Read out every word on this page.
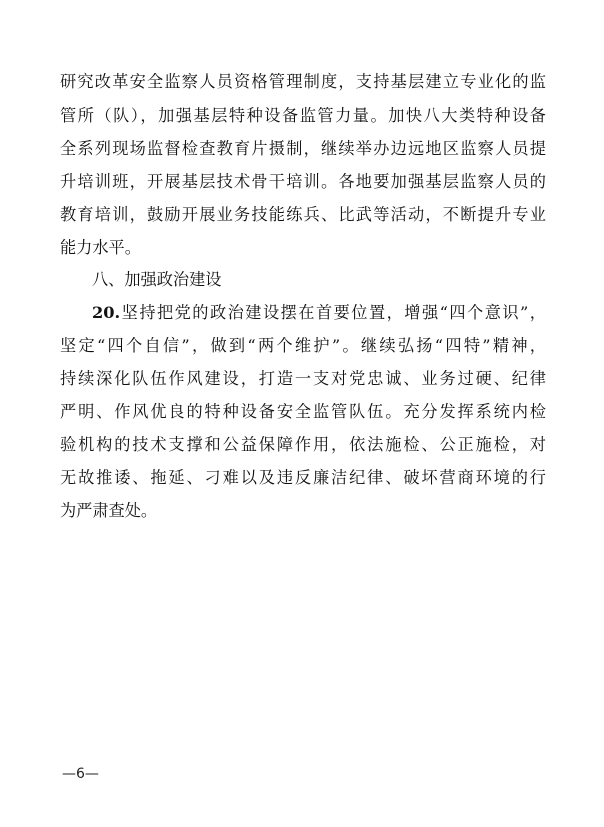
研究改革安全监察人员资格管理制度，支持基层建立专业化的监
管所（队），加强基层特种设备监管力量。加快八大类特种设备
全系列现场监督检查教育片摄制，继续举办边远地区监察人员提
升培训班，开展基层技术骨干培训。各地要加强基层监察人员的
教育培训，鼓励开展业务技能练兵、比武等活动，不断提升专业
能力水平。
八、加强政治建设
20.坚持把党的政治建设摆在首要位置，增强“四个意识”，
坚定“四个自信”，做到“两个维护”。继续弘扬“四特”精神，
持续深化队伍作风建设，打造一支对党忠诚、业务过硬、纪律
严明、作风优良的特种设备安全监管队伍。充分发挥系统内检
验机构的技术支撑和公益保障作用，依法施检、公正施检，对
无故推诿、拖延、刁难以及违反廉洁纪律、破坏营商环境的行
为严肃查处。
—6—
